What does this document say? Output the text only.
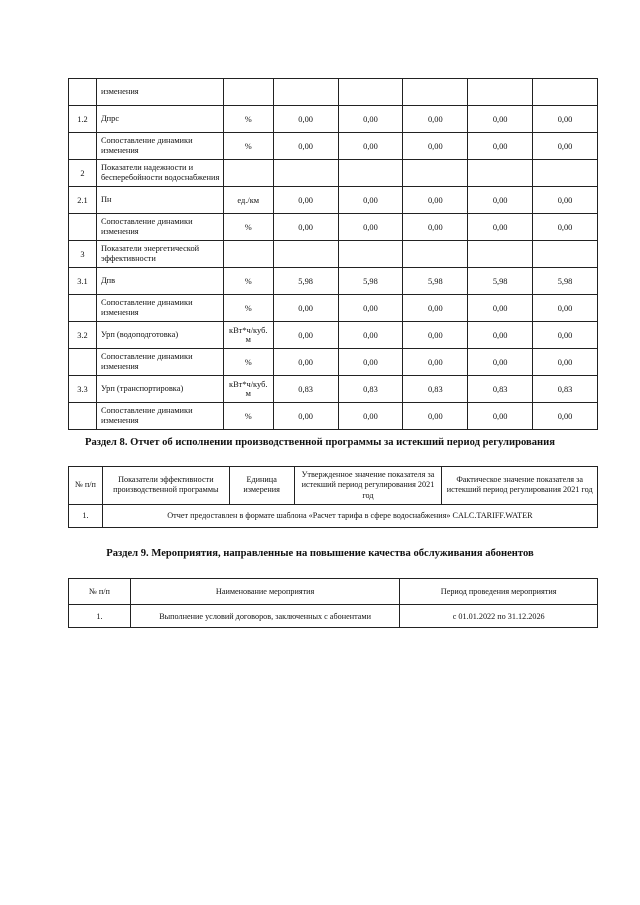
	изменения						
1.2	Дпрс	%	0,00	0,00	0,00	0,00	0,00
	Сопоставление динамики изменения	%	0,00	0,00	0,00	0,00	0,00
2	Показатели надежности и бесперебойности водоснабжения						
2.1	Пн	ед./км	0,00	0,00	0,00	0,00	0,00
	Сопоставление динамики изменения	%	0,00	0,00	0,00	0,00	0,00
3	Показатели энергетической эффективности						
3.1	Дпв	%	5,98	5,98	5,98	5,98	5,98
	Сопоставление динамики изменения	%	0,00	0,00	0,00	0,00	0,00
3.2	Урп (водоподготовка)	кВт*ч/куб. м	0,00	0,00	0,00	0,00	0,00
	Сопоставление динамики изменения	%	0,00	0,00	0,00	0,00	0,00
3.3	Урп (транспортировка)	кВт*ч/куб. м	0,83	0,83	0,83	0,83	0,83
	Сопоставление динамики изменения	%	0,00	0,00	0,00	0,00	0,00
Раздел 8. Отчет об исполнении производственной программы за истекший период регулирования
№ п/п	Показатели эффективности производственной программы	Единица измерения	Утвержденное значение показателя за истекший период регулирования 2021 год	Фактическое значение показателя за истекший период регулирования 2021 год
1.	Отчет предоставлен в формате шаблона «Расчет тарифа в сфере водоснабжения» CALC.TARIFF.WATER			
Раздел 9. Мероприятия, направленные на повышение качества обслуживания абонентов
№ п/п	Наименование мероприятия	Период проведения мероприятия
1.	Выполнение условий договоров, заключенных с абонентами	с 01.01.2022 по 31.12.2026
